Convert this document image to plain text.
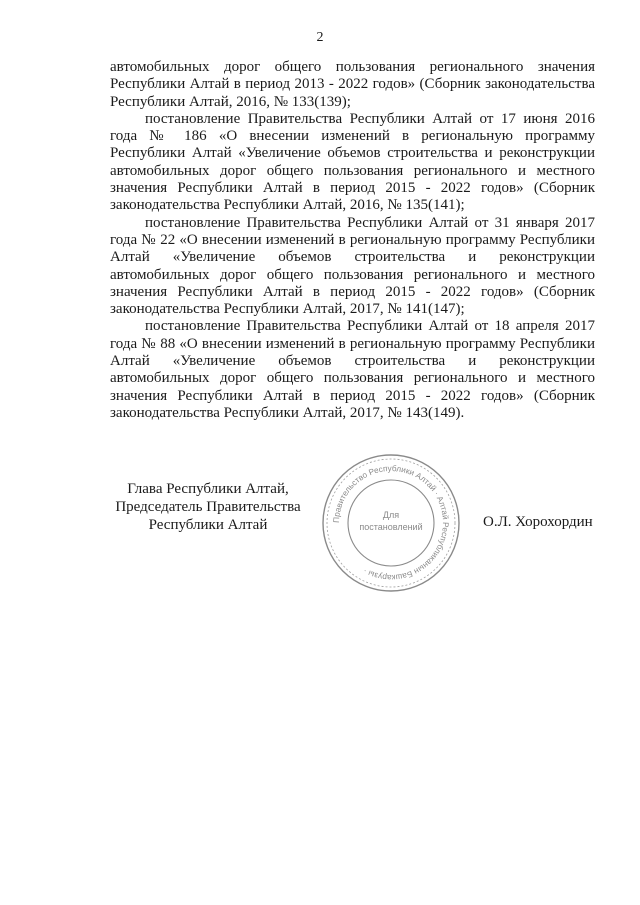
2

автомобильных дорог общего пользования регионального значения Республики Алтай в период 2013 - 2022 годов» (Сборник законодательства Республики Алтай, 2016, № 133(139);

постановление Правительства Республики Алтай от 17 июня 2016 года № 186 «О внесении изменений в региональную программу Республики Алтай «Увеличение объемов строительства и реконструкции автомобильных дорог общего пользования регионального и местного значения Республики Алтай в период 2015 - 2022 годов» (Сборник законодательства Республики Алтай, 2016, № 135(141);

постановление Правительства Республики Алтай от 31 января 2017 года № 22 «О внесении изменений в региональную программу Республики Алтай «Увеличение объемов строительства и реконструкции автомобильных дорог общего пользования регионального и местного значения Республики Алтай в период 2015 - 2022 годов» (Сборник законодательства Республики Алтай, 2017, № 141(147);

постановление Правительства Республики Алтай от 18 апреля 2017 года № 88 «О внесении изменений в региональную программу Республики Алтай «Увеличение объемов строительства и реконструкции автомобильных дорог общего пользования регионального и местного значения Республики Алтай в период 2015 - 2022 годов» (Сборник законодательства Республики Алтай, 2017, № 143(149).

Глава Республики Алтай,
Председатель Правительства
Республики Алтай	Правительство Республики Алтай · Алтай Республиканын Башкарузы ·
Для
постановлений	О.Л. Хорохордин
